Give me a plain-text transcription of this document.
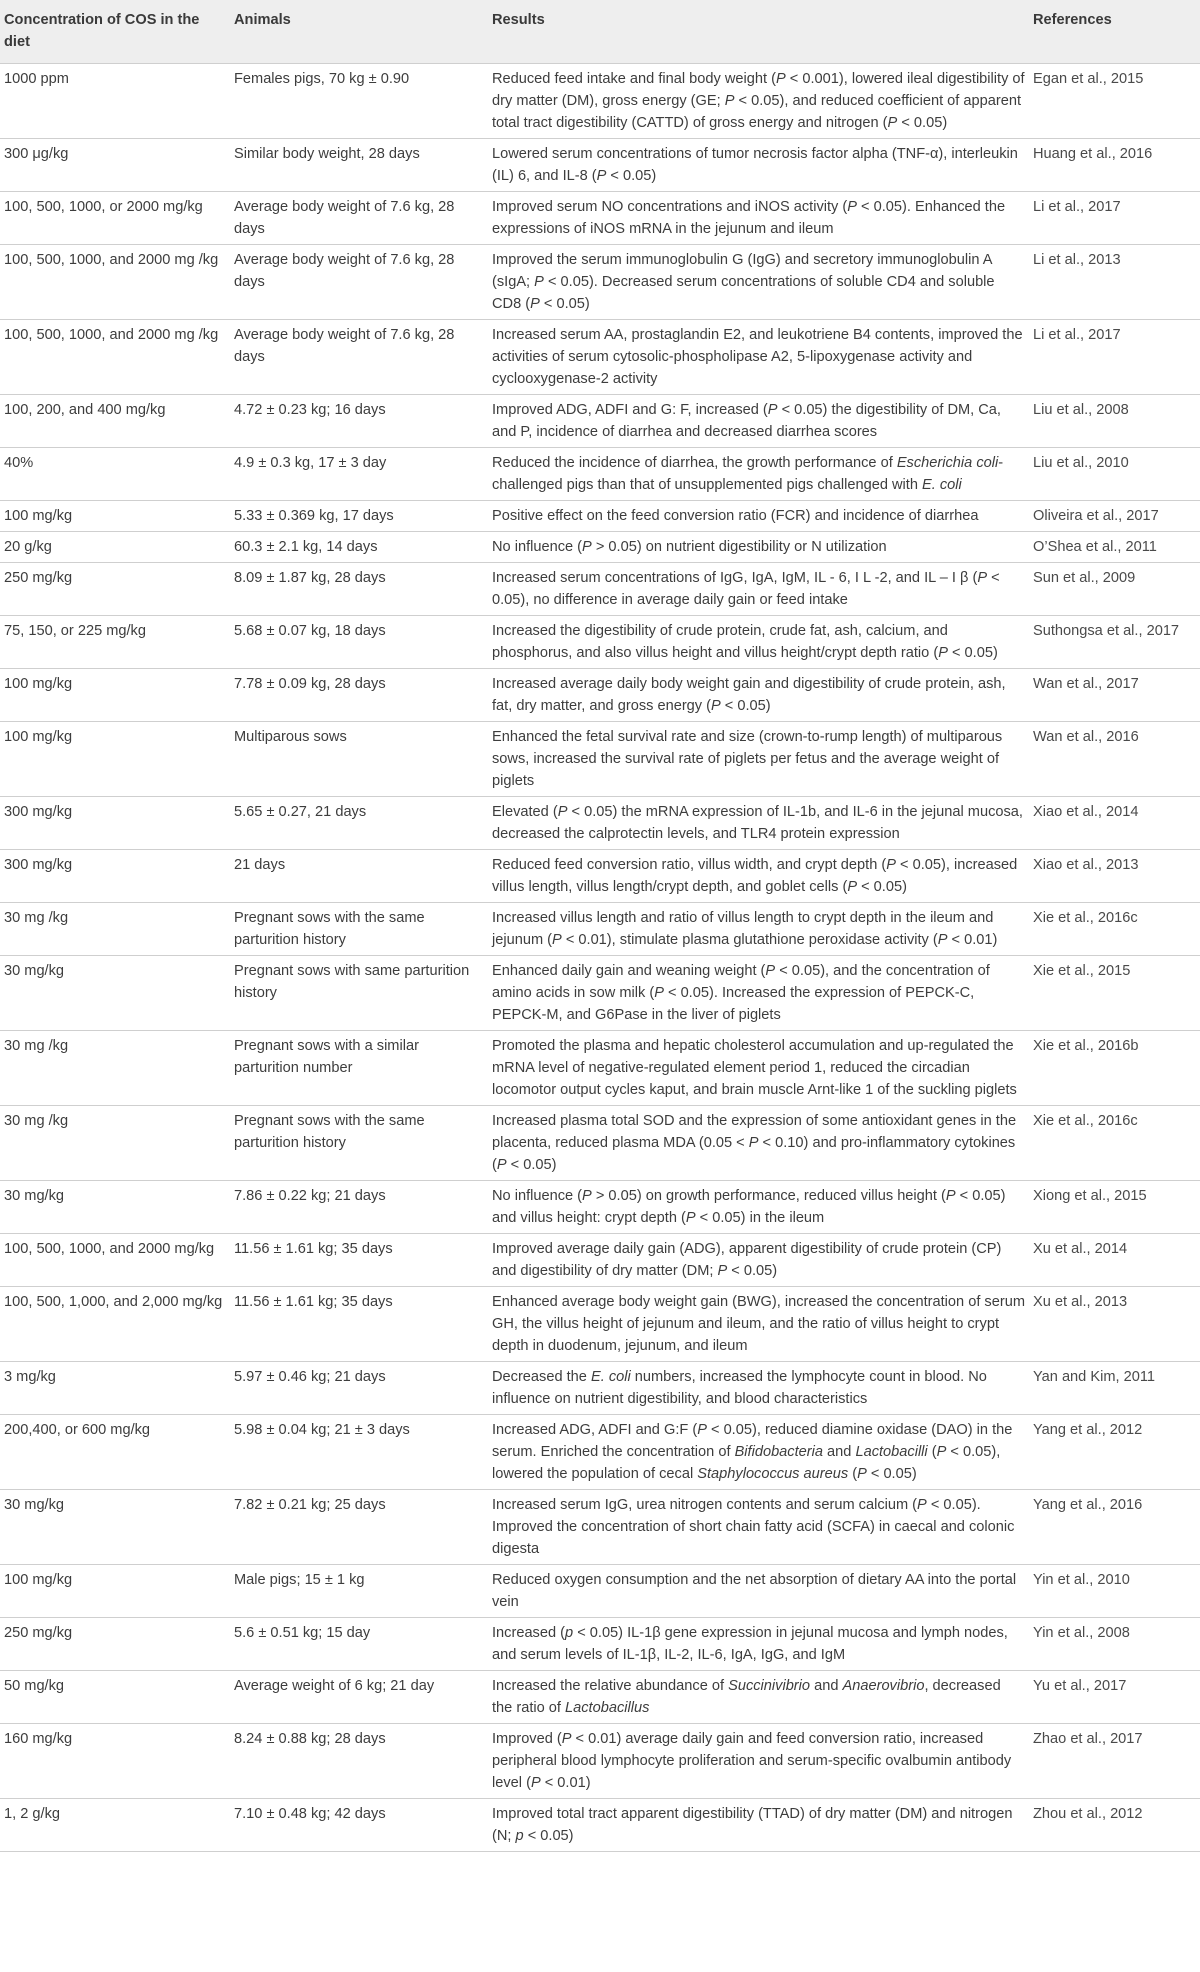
Concentration of COS in the diet	Animals	Results	References
1000 ppm	Females pigs, 70 kg ± 0.90	Reduced feed intake and final body weight (P < 0.001), lowered ileal digestibility of dry matter (DM), gross energy (GE; P < 0.05), and reduced coefficient of apparent total tract digestibility (CATTD) of gross energy and nitrogen (P < 0.05)	Egan et al., 2015
300 μg/kg	Similar body weight, 28 days	Lowered serum concentrations of tumor necrosis factor alpha (TNF-α), interleukin (IL) 6, and IL-8 (P < 0.05)	Huang et al., 2016
100, 500, 1000, or 2000 mg/kg	Average body weight of 7.6 kg, 28 days	Improved serum NO concentrations and iNOS activity (P < 0.05). Enhanced the expressions of iNOS mRNA in the jejunum and ileum	Li et al., 2017
100, 500, 1000, and 2000 mg /kg	Average body weight of 7.6 kg, 28 days	Improved the serum immunoglobulin G (IgG) and secretory immunoglobulin A (sIgA; P < 0.05). Decreased serum concentrations of soluble CD4 and soluble CD8 (P < 0.05)	Li et al., 2013
100, 500, 1000, and 2000 mg /kg	Average body weight of 7.6 kg, 28 days	Increased serum AA, prostaglandin E2, and leukotriene B4 contents, improved the activities of serum cytosolic-phospholipase A2, 5-lipoxygenase activity and cyclooxygenase-2 activity	Li et al., 2017
100, 200, and 400 mg/kg	4.72 ± 0.23 kg; 16 days	Improved ADG, ADFI and G: F, increased (P < 0.05) the digestibility of DM, Ca, and P, incidence of diarrhea and decreased diarrhea scores	Liu et al., 2008
40%	4.9 ± 0.3 kg, 17 ± 3 day	Reduced the incidence of diarrhea, the growth performance of Escherichia coli-challenged pigs than that of unsupplemented pigs challenged with E. coli	Liu et al., 2010
100 mg/kg	5.33 ± 0.369 kg, 17 days	Positive effect on the feed conversion ratio (FCR) and incidence of diarrhea	Oliveira et al., 2017
20 g/kg	60.3 ± 2.1 kg, 14 days	No influence (P > 0.05) on nutrient digestibility or N utilization	O’Shea et al., 2011
250 mg/kg	8.09 ± 1.87 kg, 28 days	Increased serum concentrations of IgG, IgA, IgM, IL - 6, I L -2, and IL – I β (P < 0.05), no difference in average daily gain or feed intake	Sun et al., 2009
75, 150, or 225 mg/kg	5.68 ± 0.07 kg, 18 days	Increased the digestibility of crude protein, crude fat, ash, calcium, and phosphorus, and also villus height and villus height/crypt depth ratio (P < 0.05)	Suthongsa et al., 2017
100 mg/kg	7.78 ± 0.09 kg, 28 days	Increased average daily body weight gain and digestibility of crude protein, ash, fat, dry matter, and gross energy (P < 0.05)	Wan et al., 2017
100 mg/kg	Multiparous sows	Enhanced the fetal survival rate and size (crown-to-rump length) of multiparous sows, increased the survival rate of piglets per fetus and the average weight of piglets	Wan et al., 2016
300 mg/kg	5.65 ± 0.27, 21 days	Elevated (P < 0.05) the mRNA expression of IL-1b, and IL-6 in the jejunal mucosa, decreased the calprotectin levels, and TLR4 protein expression	Xiao et al., 2014
300 mg/kg	21 days	Reduced feed conversion ratio, villus width, and crypt depth (P < 0.05), increased villus length, villus length/crypt depth, and goblet cells (P < 0.05)	Xiao et al., 2013
30 mg /kg	Pregnant sows with the same parturition history	Increased villus length and ratio of villus length to crypt depth in the ileum and jejunum (P < 0.01), stimulate plasma glutathione peroxidase activity (P < 0.01)	Xie et al., 2016c
30 mg/kg	Pregnant sows with same parturition history	Enhanced daily gain and weaning weight (P < 0.05), and the concentration of amino acids in sow milk (P < 0.05). Increased the expression of PEPCK-C, PEPCK-M, and G6Pase in the liver of piglets	Xie et al., 2015
30 mg /kg	Pregnant sows with a similar parturition number	Promoted the plasma and hepatic cholesterol accumulation and up-regulated the mRNA level of negative-regulated element period 1, reduced the circadian locomotor output cycles kaput, and brain muscle Arnt-like 1 of the suckling piglets	Xie et al., 2016b
30 mg /kg	Pregnant sows with the same parturition history	Increased plasma total SOD and the expression of some antioxidant genes in the placenta, reduced plasma MDA (0.05 < P < 0.10) and pro-inflammatory cytokines (P < 0.05)	Xie et al., 2016c
30 mg/kg	7.86 ± 0.22 kg; 21 days	No influence (P > 0.05) on growth performance, reduced villus height (P < 0.05) and villus height: crypt depth (P < 0.05) in the ileum	Xiong et al., 2015
100, 500, 1000, and 2000 mg/kg	11.56 ± 1.61 kg; 35 days	Improved average daily gain (ADG), apparent digestibility of crude protein (CP) and digestibility of dry matter (DM; P < 0.05)	Xu et al., 2014
100, 500, 1,000, and 2,000 mg/kg	11.56 ± 1.61 kg; 35 days	Enhanced average body weight gain (BWG), increased the concentration of serum GH, the villus height of jejunum and ileum, and the ratio of villus height to crypt depth in duodenum, jejunum, and ileum	Xu et al., 2013
3 mg/kg	5.97 ± 0.46 kg; 21 days	Decreased the E. coli numbers, increased the lymphocyte count in blood. No influence on nutrient digestibility, and blood characteristics	Yan and Kim, 2011
200,400, or 600 mg/kg	5.98 ± 0.04 kg; 21 ± 3 days	Increased ADG, ADFI and G:F (P < 0.05), reduced diamine oxidase (DAO) in the serum. Enriched the concentration of Bifidobacteria and Lactobacilli (P < 0.05), lowered the population of cecal Staphylococcus aureus (P < 0.05)	Yang et al., 2012
30 mg/kg	7.82 ± 0.21 kg; 25 days	Increased serum IgG, urea nitrogen contents and serum calcium (P < 0.05). Improved the concentration of short chain fatty acid (SCFA) in caecal and colonic digesta	Yang et al., 2016
100 mg/kg	Male pigs; 15 ± 1 kg	Reduced oxygen consumption and the net absorption of dietary AA into the portal vein	Yin et al., 2010
250 mg/kg	5.6 ± 0.51 kg; 15 day	Increased (p < 0.05) IL-1β gene expression in jejunal mucosa and lymph nodes, and serum levels of IL-1β, IL-2, IL-6, IgA, IgG, and IgM	Yin et al., 2008
50 mg/kg	Average weight of 6 kg; 21 day	Increased the relative abundance of Succinivibrio and Anaerovibrio, decreased the ratio of Lactobacillus	Yu et al., 2017
160 mg/kg	8.24 ± 0.88 kg; 28 days	Improved (P < 0.01) average daily gain and feed conversion ratio, increased peripheral blood lymphocyte proliferation and serum-specific ovalbumin antibody level (P < 0.01)	Zhao et al., 2017
1, 2 g/kg	7.10 ± 0.48 kg; 42 days	Improved total tract apparent digestibility (TTAD) of dry matter (DM) and nitrogen (N; p < 0.05)	Zhou et al., 2012
